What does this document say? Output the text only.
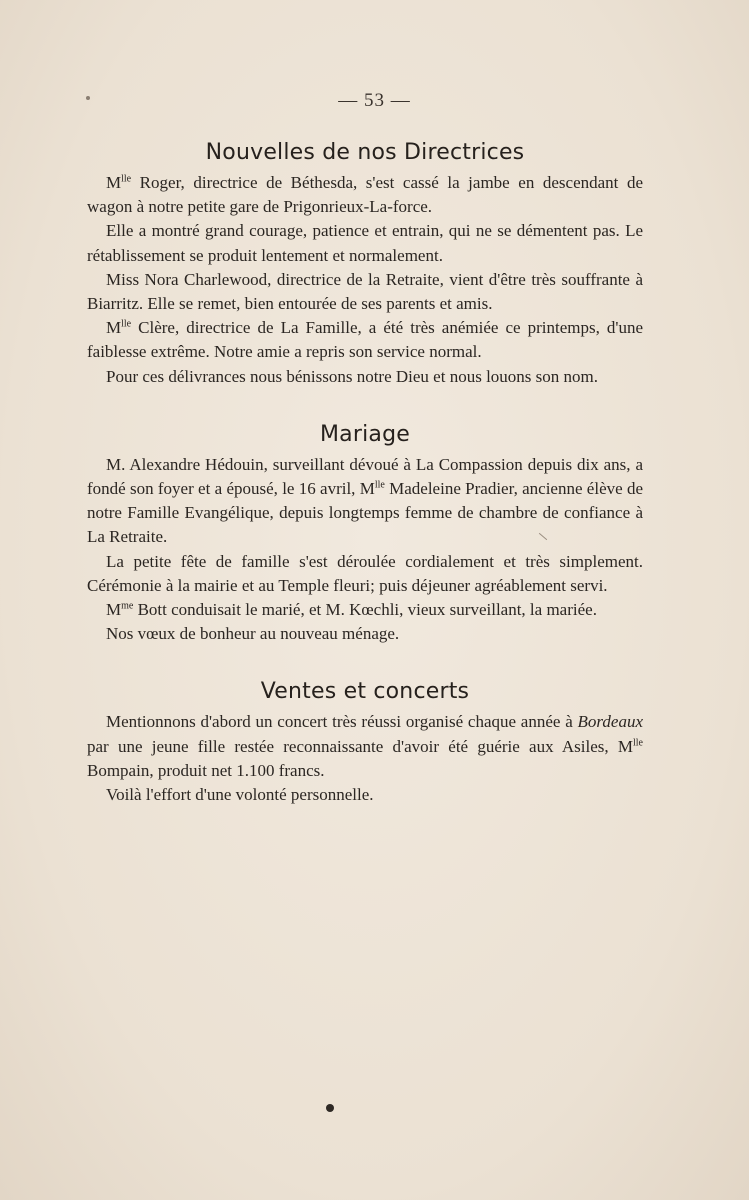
— 53 —
Nouvelles de nos Directrices

$M^{lle}$ Roger, directrice de Béthesda, s'est cassé la jambe en descendant de wagon à notre petite gare de Prigonrieux-La-force.

Elle a montré grand courage, patience et entrain, qui ne se démentent pas. Le rétablissement se produit lentement et normalement.

Miss Nora Charlewood, directrice de la Retraite, vient d'être très souffrante à Biarritz. Elle se remet, bien entourée de ses parents et amis.

$M^{lle}$ Clère, directrice de La Famille, a été très anémiée ce printemps, d'une faiblesse extrême. Notre amie a repris son service normal.

Pour ces délivrances nous bénissons notre Dieu et nous louons son nom.

Mariage

M. Alexandre Hédouin, surveillant dévoué à La Compassion depuis dix ans, a fondé son foyer et a épousé, le 16 avril, $M^{lle}$ Madeleine Pradier, ancienne élève de notre Famille Evangélique, depuis longtemps femme de chambre de confiance à La Retraite.

La petite fête de famille s'est déroulée cordialement et très simplement. Cérémonie à la mairie et au Temple fleuri; puis déjeuner agréablement servi.

$M^{me}$ Bott conduisait le marié, et M. Kœchli, vieux surveillant, la mariée.

Nos vœux de bonheur au nouveau ménage.

Ventes et concerts

Mentionnons d'abord un concert très réussi organisé chaque année à Bordeaux par une jeune fille restée reconnaissante d'avoir été guérie aux Asiles, $M^{lle}$ Bompain, produit net 1.100 francs.

Voilà l'effort d'une volonté personnelle.
